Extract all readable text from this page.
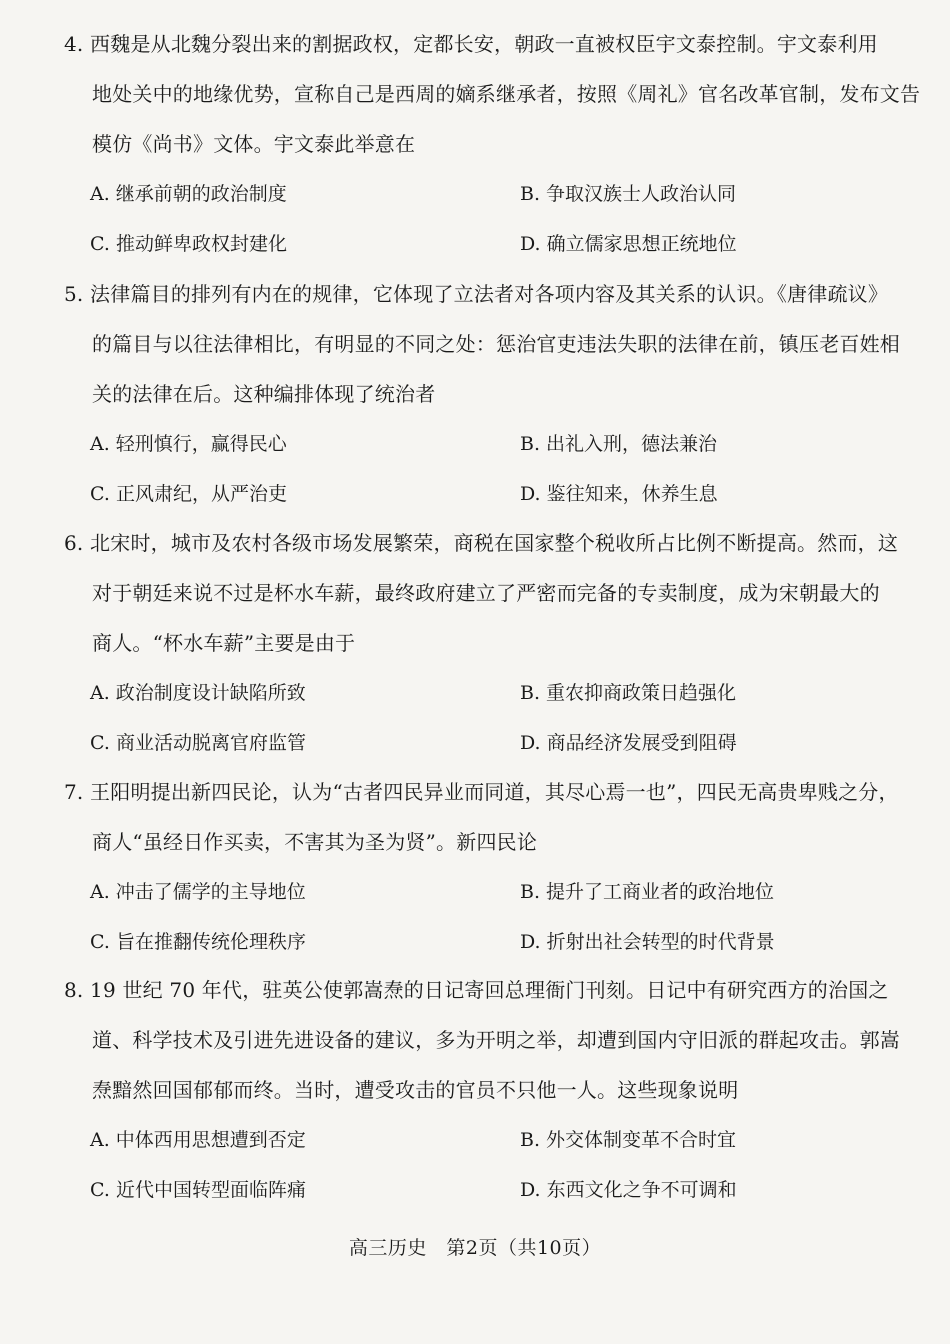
4. 西魏是从北魏分裂出来的割据政权，定都长安，朝政一直被权臣宇文泰控制。宇文泰利用
地处关中的地缘优势，宣称自己是西周的嫡系继承者，按照《周礼》官名改革官制，发布文告
模仿《尚书》文体。宇文泰此举意在
A. 继承前朝的政治制度	B. 争取汉族士人政治认同
C. 推动鲜卑政权封建化	D. 确立儒家思想正统地位
5. 法律篇目的排列有内在的规律，它体现了立法者对各项内容及其关系的认识。《唐律疏议》
的篇目与以往法律相比，有明显的不同之处：惩治官吏违法失职的法律在前，镇压老百姓相
关的法律在后。这种编排体现了统治者
A. 轻刑慎行，赢得民心	B. 出礼入刑，德法兼治
C. 正风肃纪，从严治吏	D. 鉴往知来，休养生息
6. 北宋时，城市及农村各级市场发展繁荣，商税在国家整个税收所占比例不断提高。然而，这
对于朝廷来说不过是杯水车薪，最终政府建立了严密而完备的专卖制度，成为宋朝最大的
商人。“杯水车薪”主要是由于
A. 政治制度设计缺陷所致	B. 重农抑商政策日趋强化
C. 商业活动脱离官府监管	D. 商品经济发展受到阻碍
7. 王阳明提出新四民论，认为“古者四民异业而同道，其尽心焉一也”，四民无高贵卑贱之分，
商人“虽经日作买卖，不害其为圣为贤”。新四民论
A. 冲击了儒学的主导地位	B. 提升了工商业者的政治地位
C. 旨在推翻传统伦理秩序	D. 折射出社会转型的时代背景
8. 19 世纪 70 年代，驻英公使郭嵩焘的日记寄回总理衙门刊刻。日记中有研究西方的治国之
道、科学技术及引进先进设备的建议，多为开明之举，却遭到国内守旧派的群起攻击。郭嵩
焘黯然回国郁郁而终。当时，遭受攻击的官员不只他一人。这些现象说明
A. 中体西用思想遭到否定	B. 外交体制变革不合时宜
C. 近代中国转型面临阵痛	D. 东西文化之争不可调和
高三历史　第2页（共10页）
